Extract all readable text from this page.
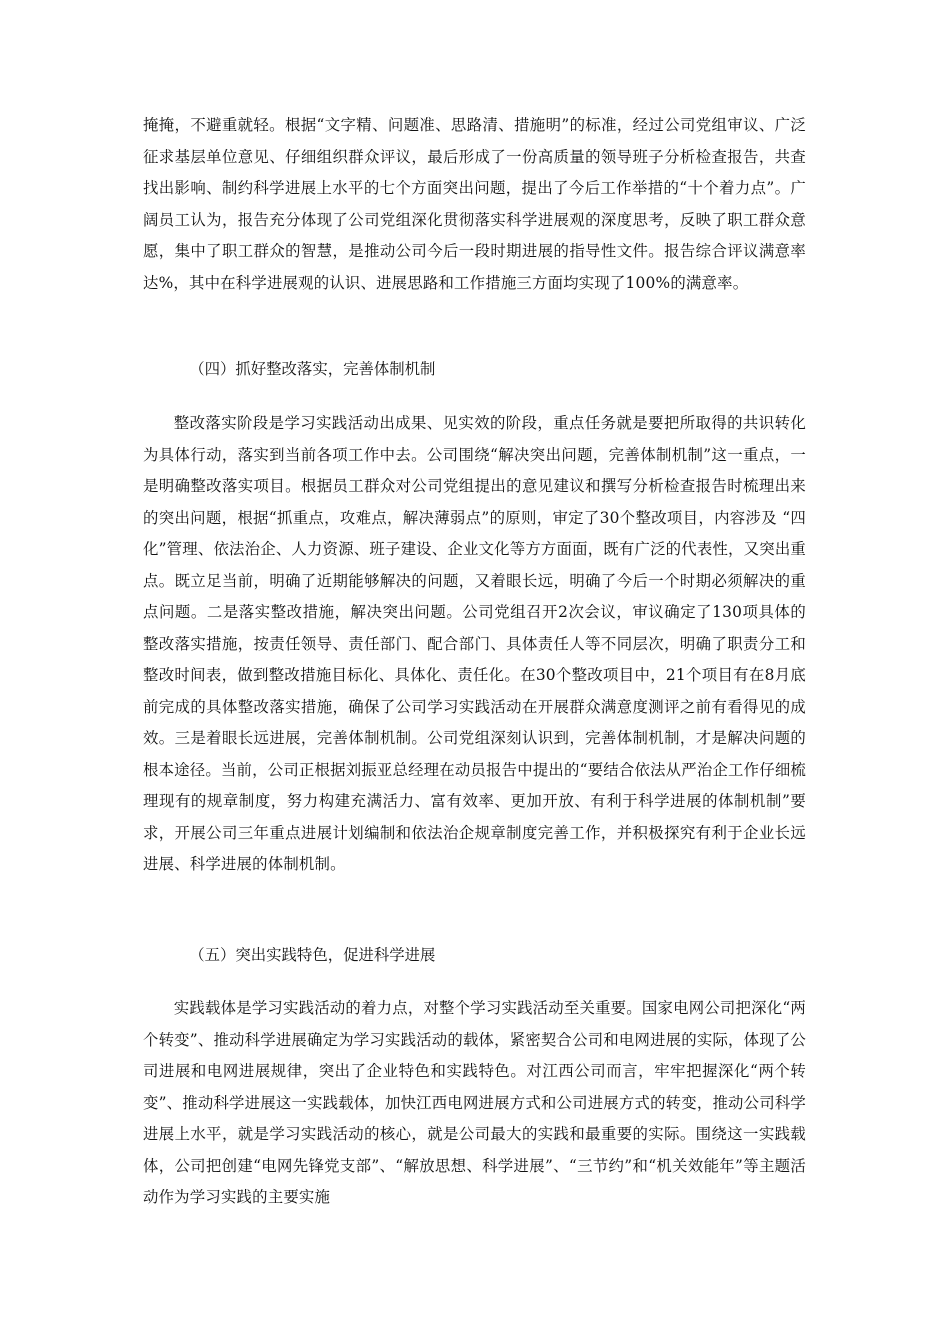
掩掩，不避重就轻。根据“文字精、问题准、思路清、措施明”的标准，经过公司党组审议、广泛征求基层单位意见、仔细组织群众评议，最后形成了一份高质量的领导班子分析检查报告，共查找出影响、制约科学进展上水平的七个方面突出问题，提出了今后工作举措的“十个着力点”。广阔员工认为，报告充分体现了公司党组深化贯彻落实科学进展观的深度思考，反映了职工群众意愿，集中了职工群众的智慧，是推动公司今后一段时期进展的指导性文件。报告综合评议满意率达%，其中在科学进展观的认识、进展思路和工作措施三方面均实现了100%的满意率。

（四）抓好整改落实，完善体制机制

整改落实阶段是学习实践活动出成果、见实效的阶段，重点任务就是要把所取得的共识转化为具体行动，落实到当前各项工作中去。公司围绕“解决突出问题，完善体制机制”这一重点，一是明确整改落实项目。根据员工群众对公司党组提出的意见建议和撰写分析检查报告时梳理出来的突出问题，根据“抓重点，攻难点，解决薄弱点”的原则，审定了30个整改项目，内容涉及 “四化”管理、依法治企、人力资源、班子建设、企业文化等方方面面，既有广泛的代表性，又突出重点。既立足当前，明确了近期能够解决的问题，又着眼长远，明确了今后一个时期必须解决的重点问题。二是落实整改措施，解决突出问题。公司党组召开2次会议，审议确定了130项具体的整改落实措施，按责任领导、责任部门、配合部门、具体责任人等不同层次，明确了职责分工和整改时间表，做到整改措施目标化、具体化、责任化。在30个整改项目中，21个项目有在8月底前完成的具体整改落实措施，确保了公司学习实践活动在开展群众满意度测评之前有看得见的成效。三是着眼长远进展，完善体制机制。公司党组深刻认识到，完善体制机制，才是解决问题的根本途径。当前，公司正根据刘振亚总经理在动员报告中提出的“要结合依法从严治企工作仔细梳理现有的规章制度，努力构建充满活力、富有效率、更加开放、有利于科学进展的体制机制”要求，开展公司三年重点进展计划编制和依法治企规章制度完善工作，并积极探究有利于企业长远进展、科学进展的体制机制。

（五）突出实践特色，促进科学进展

实践载体是学习实践活动的着力点，对整个学习实践活动至关重要。国家电网公司把深化“两个转变”、推动科学进展确定为学习实践活动的载体，紧密契合公司和电网进展的实际，体现了公司进展和电网进展规律，突出了企业特色和实践特色。对江西公司而言，牢牢把握深化“两个转变”、推动科学进展这一实践载体，加快江西电网进展方式和公司进展方式的转变，推动公司科学进展上水平，就是学习实践活动的核心，就是公司最大的实践和最重要的实际。围绕这一实践载体，公司把创建“电网先锋党支部”、“解放思想、科学进展”、“三节约”和“机关效能年”等主题活动作为学习实践的主要实施
